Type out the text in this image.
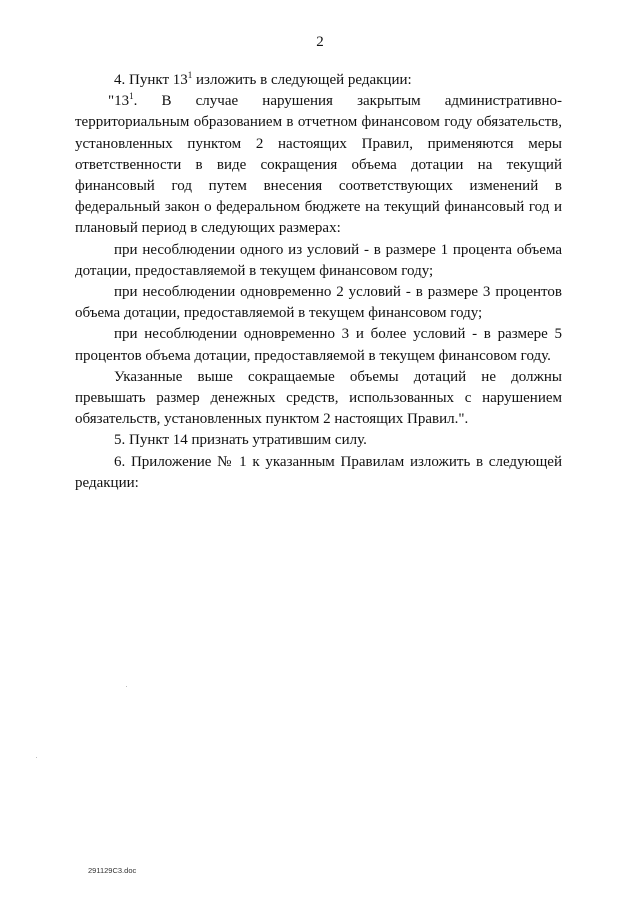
2

4. Пункт $13^1$ изложить в следующей редакции:

"$13^1$. В случае нарушения закрытым административно-территориальным образованием в отчетном финансовом году обязательств, установленных пунктом 2 настоящих Правил, применяются меры ответственности в виде сокращения объема дотации на текущий финансовый год путем внесения соответствующих изменений в федеральный закон о федеральном бюджете на текущий финансовый год и плановый период в следующих размерах:

при несоблюдении одного из условий - в размере 1 процента объема дотации, предоставляемой в текущем финансовом году;

при несоблюдении одновременно 2 условий - в размере 3 процентов объема дотации, предоставляемой в текущем финансовом году;

при несоблюдении одновременно 3 и более условий - в размере 5 процентов объема дотации, предоставляемой в текущем финансовом году.

Указанные выше сокращаемые объемы дотаций не должны превышать размер денежных средств, использованных с нарушением обязательств, установленных пунктом 2 настоящих Правил.".

5. Пункт 14 признать утратившим силу.

6. Приложение № 1 к указанным Правилам изложить в следующей редакции:

291129C3.doc
